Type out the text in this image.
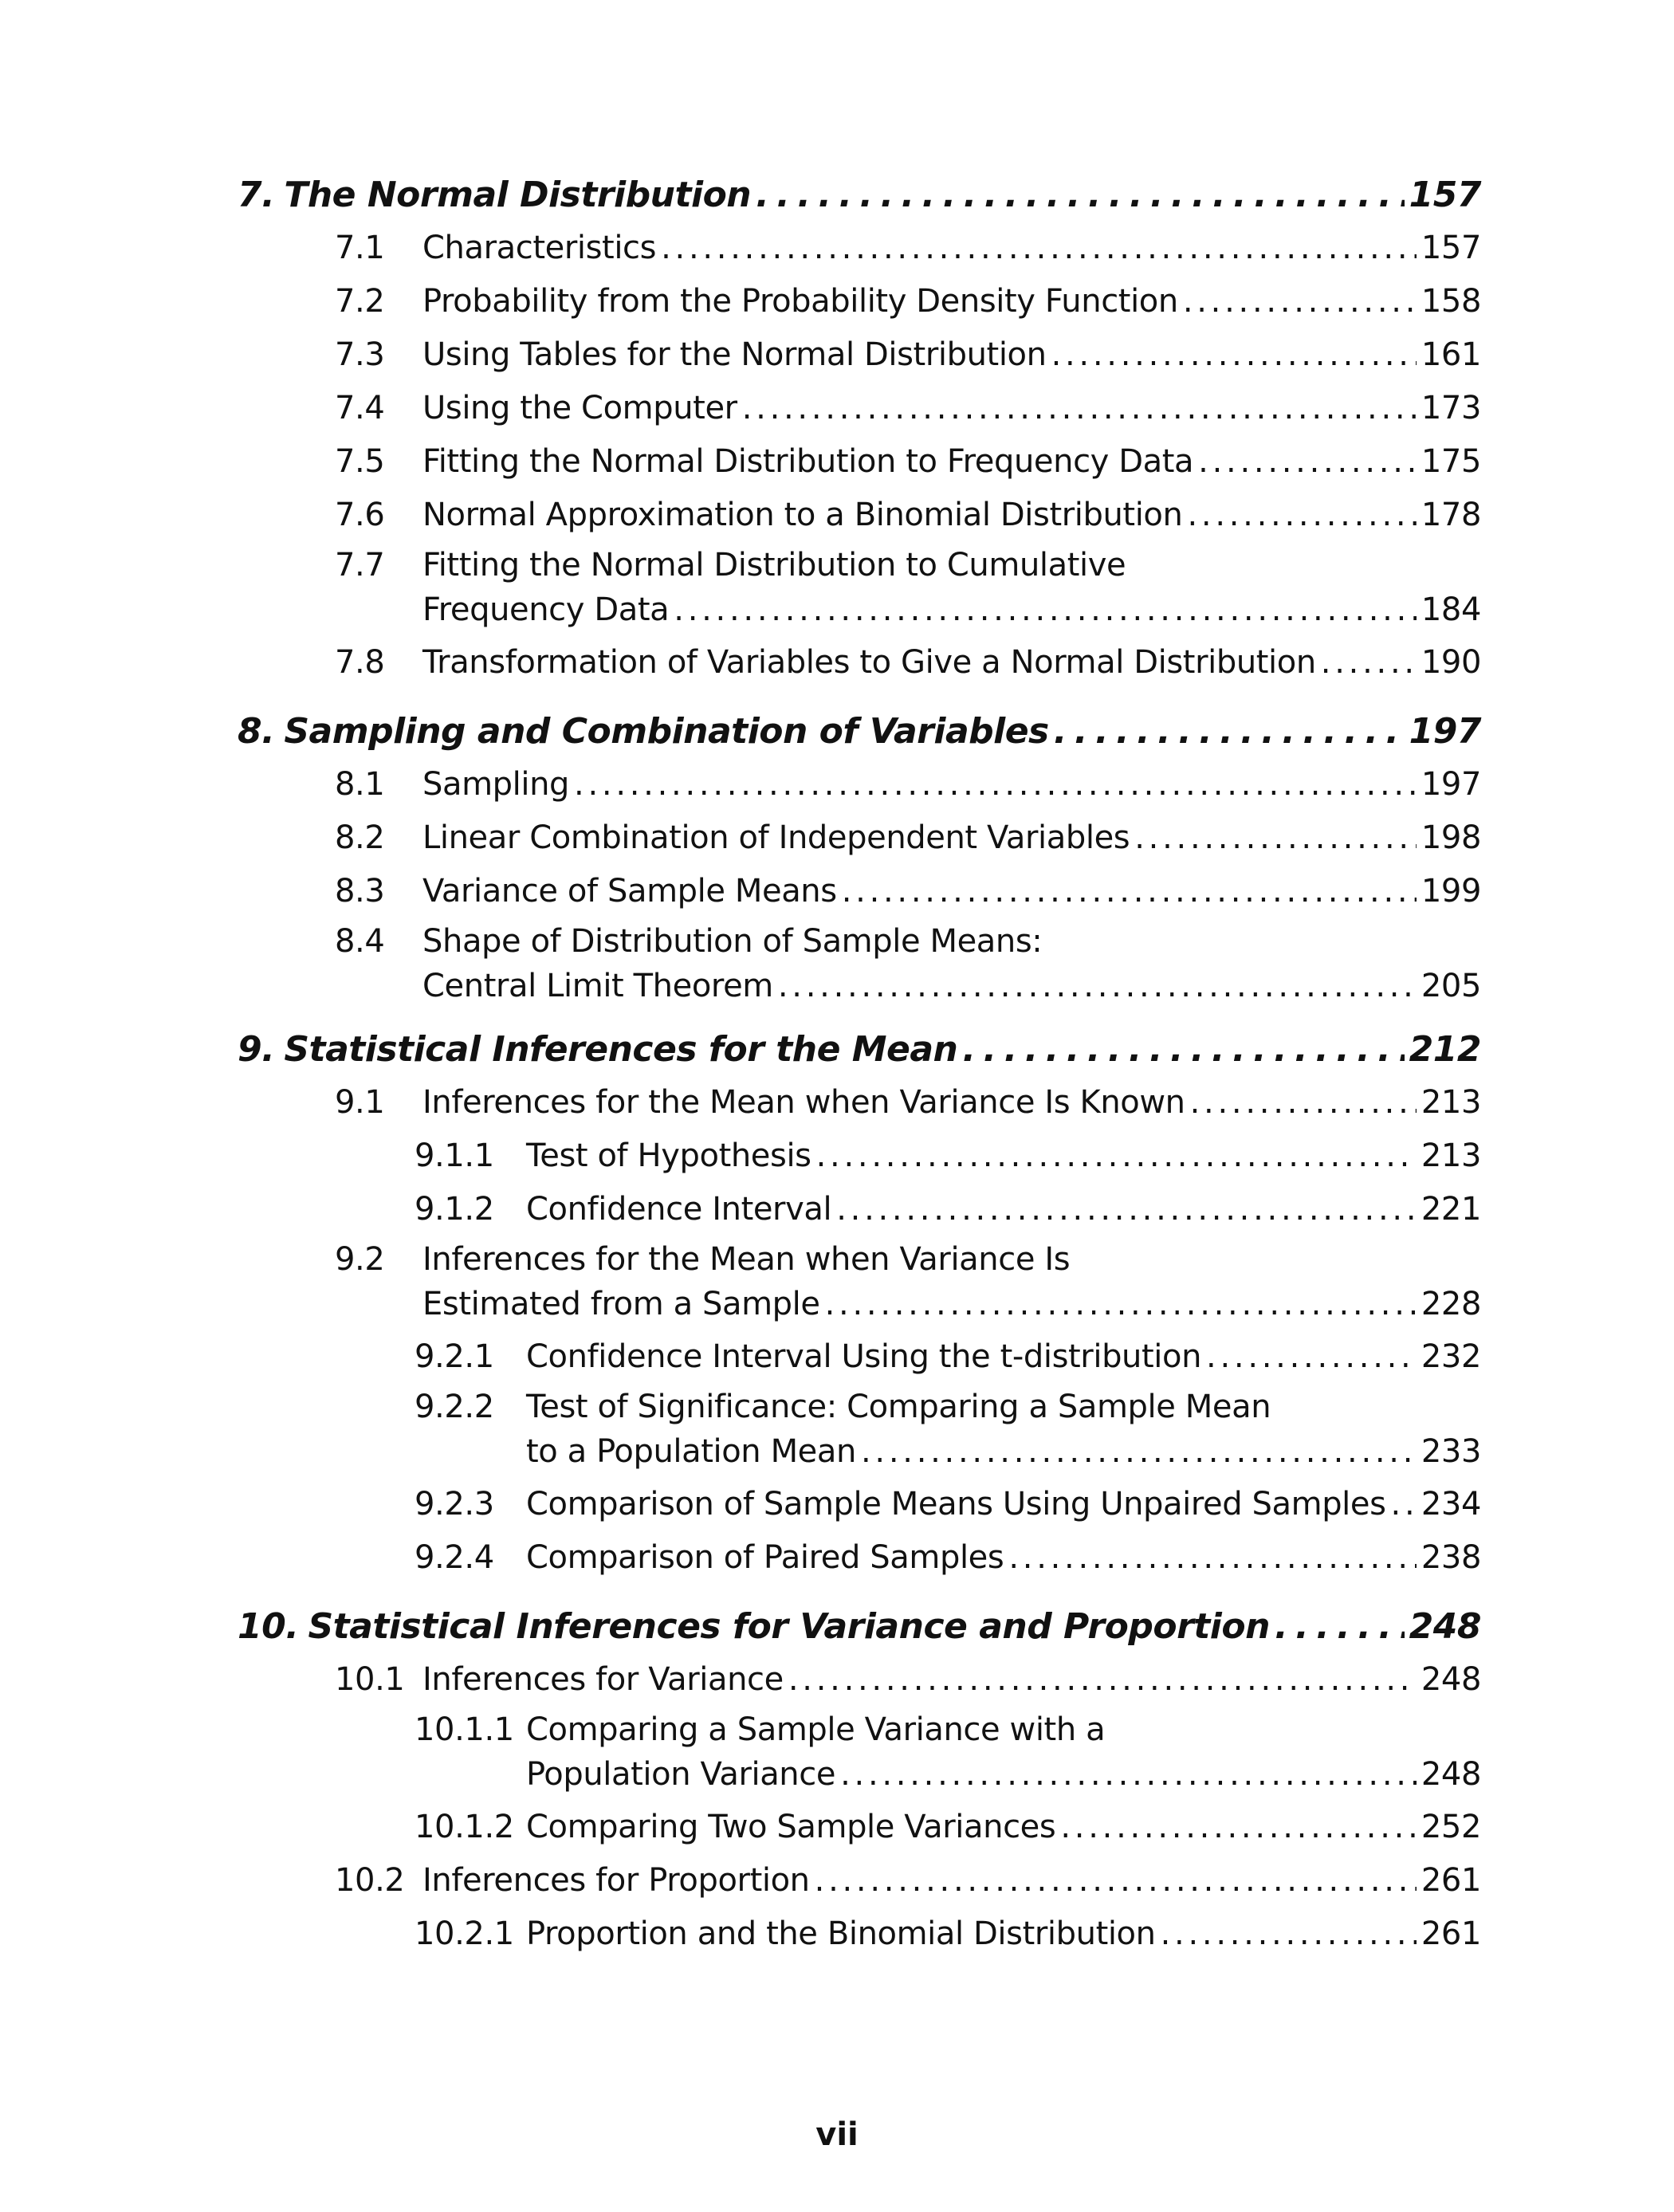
7. The Normal Distribution . . .	157
7.1	Characteristics . . .	157
7.2	Probability from the Probability Density Function . . .	158
7.3	Using Tables for the Normal Distribution . . .	161
7.4	Using the Computer . . .	173
7.5	Fitting the Normal Distribution to Frequency Data . . .	175
7.6	Normal Approximation to a Binomial Distribution . . .	178
7.7	Fitting the Normal Distribution to Cumulative
Frequency Data . . .	184
7.8	Transformation of Variables to Give a Normal Distribution . . .	190
8. Sampling and Combination of Variables . . .	197
8.1	Sampling . . .	197
8.2	Linear Combination of Independent Variables . . .	198
8.3	Variance of Sample Means . . .	199
8.4	Shape of Distribution of Sample Means:
Central Limit Theorem . . .	205
9. Statistical Inferences for the Mean . . .	212
9.1	Inferences for the Mean when Variance Is Known . . .	213
9.1.1	Test of Hypothesis . . .	213
9.1.2	Confidence Interval . . .	221
9.2	Inferences for the Mean when Variance Is
Estimated from a Sample . . .	228
9.2.1	Confidence Interval Using the t-distribution . . .	232
9.2.2	Test of Significance: Comparing a Sample Mean
to a Population Mean . . .	233
9.2.3	Comparison of Sample Means Using Unpaired Samples . . . 234
9.2.4	Comparison of Paired Samples . . .	238
10. Statistical Inferences for Variance and Proportion . . .	248
10.1 Inferences for Variance . . .	248
10.1.1 Comparing a Sample Variance with a
Population Variance . . .	248
10.1.2 Comparing Two Sample Variances . . .	252
10.2 Inferences for Proportion . . .	261
10.2.1 Proportion and the Binomial Distribution . . .	261
vii
